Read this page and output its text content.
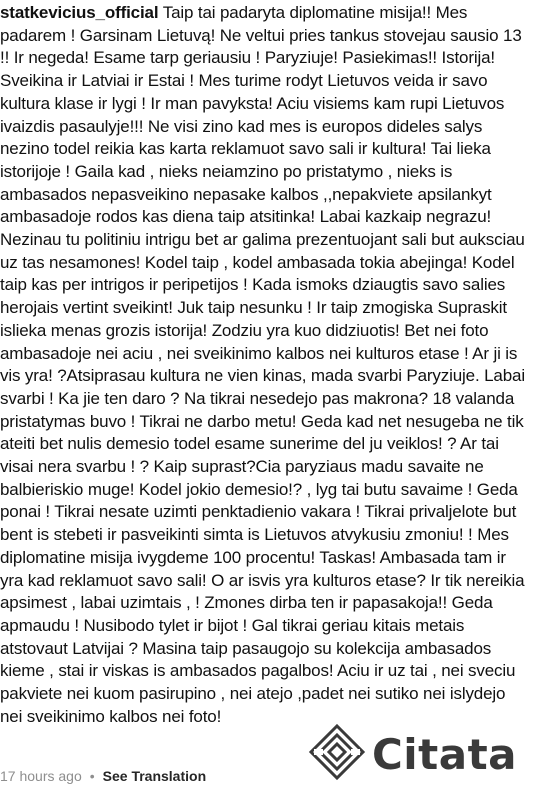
statkevicius_official Taip tai padaryta diplomatine misija!! Mes padarem ! Garsinam Lietuvą! Ne veltui pries tankus stovejau sausio 13 !! Ir negeda! Esame tarp geriausiu ! Paryziuje! Pasiekimas!! Istorija! Sveikina ir Latviai ir Estai ! Mes turime rodyt Lietuvos veida ir savo kultura klase ir lygi ! Ir man pavyksta! Aciu visiems kam rupi Lietuvos ivaizdis pasaulyje!!! Ne visi zino kad mes is europos dideles salys nezino todel reikia kas karta reklamuot savo sali ir kultura! Tai lieka istorijoje ! Gaila kad , nieks neiamzino po pristatymo , nieks is ambasados nepasveikino nepasake kalbos ,,nepakviete apsilankyt ambasadoje rodos kas diena taip atsitinka! Labai kazkaip negrazu! Nezinau tu politiniu intrigu bet ar galima prezentuojant sali but auksciau uz tas nesamones! Kodel taip , kodel ambasada tokia abejinga! Kodel taip kas per intrigos ir peripetijos ! Kada ismoks dziaugtis savo salies herojais vertint sveikint! Juk taip nesunku ! Ir taip zmogiska Supraskit islieka menas grozis istorija! Zodziu yra kuo didziuotis! Bet nei foto ambasadoje nei aciu , nei sveikinimo kalbos nei kulturos etase ! Ar ji is vis yra! ?Atsiprasau kultura ne vien kinas, mada svarbi Paryziuje. Labai svarbi ! Ka jie ten daro ? Na tikrai nesedejo pas makrona? 18 valanda pristatymas buvo ! Tikrai ne darbo metu! Geda kad net nesugeba ne tik ateiti bet nulis demesio todel esame sunerime del ju veiklos! ? Ar tai visai nera svarbu ! ? Kaip suprast?Cia paryziaus madu savaite ne balbieriskio muge! Kodel jokio demesio!? , lyg tai butu savaime ! Geda ponai ! Tikrai nesate uzimti penktadienio vakara ! Tikrai privaljelote but bent is stebeti ir pasveikinti simta is Lietuvos atvykusiu zmoniu! ! Mes diplomatine misija ivygdeme 100 procentu! Taskas! Ambasada tam ir yra kad reklamuot savo sali! O ar isvis yra kulturos etase? Ir tik nereikia apsimest , labai uzimtais , ! Zmones dirba ten ir papasakoja!! Geda apmaudu ! Nusibodo tylet ir bijot ! Gal tikrai geriau kitais metais atstovaut Latvijai ? Masina taip pasaugojo su kolekcija ambasados kieme , stai ir viskas is ambasados pagalbos! Aciu ir uz tai , nei sveciu pakviete nei kuom pasirupino , nei atejo ,padet nei sutiko nei islydejo nei sveikinimo kalbos nei foto!
17 hours ago • See Translation	Citata
